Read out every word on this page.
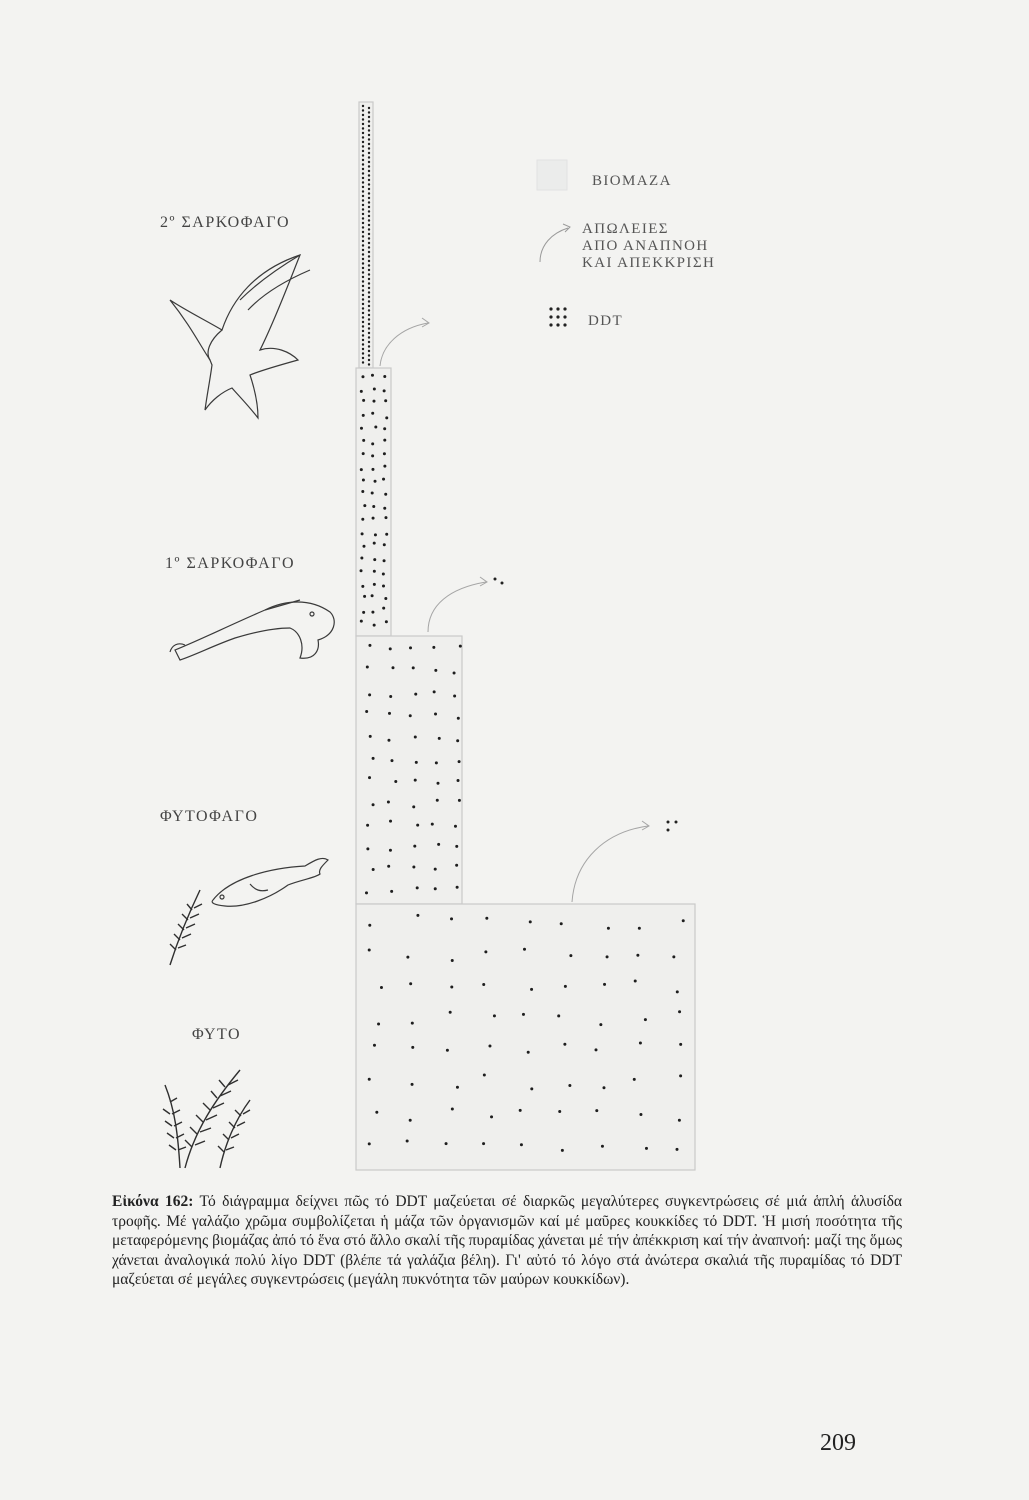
2º ΣΑΡΚΟΦΑΓΟ
1º ΣΑΡΚΟΦΑΓΟ
ΦΥΤΟΦΑΓΟ
ΦΥΤΟ
ΒΙΟΜΑΖΑ
ΑΠΩΛΕΙΕΣ
ΑΠΟ ΑΝΑΠΝΟΗ
ΚΑΙ ΑΠΕΚΚΡΙΣΗ
DDT
Εἰκόνα 162: Τό διάγραμμα δείχνει πῶς τό DDT μαζεύεται σέ διαρκῶς μεγαλύτερες συγκεντρώσεις σέ μιά ἁπλή ἁλυσίδα τροφῆς. Μέ γαλάζιο χρῶμα συμβολίζεται ἡ μάζα τῶν ὀργανισμῶν καί μέ μαῦρες κουκκίδες τό DDT. Ἡ μισή ποσότητα τῆς μεταφερόμενης βιομάζας ἀπό τό ἕνα στό ἄλλο σκαλί τῆς πυραμίδας χάνεται μέ τήν ἀπέκκριση καί τήν ἀναπνοή: μαζί της ὅμως χάνεται ἀναλογικά πολύ λίγο DDT (βλέπε τά γαλάζια βέλη). Γι' αὐτό τό λόγο στά ἀνώτερα σκαλιά τῆς πυραμίδας τό DDT μαζεύεται σέ μεγάλες συγκεντρώσεις (μεγάλη πυκνότητα τῶν μαύρων κουκκίδων).
209
